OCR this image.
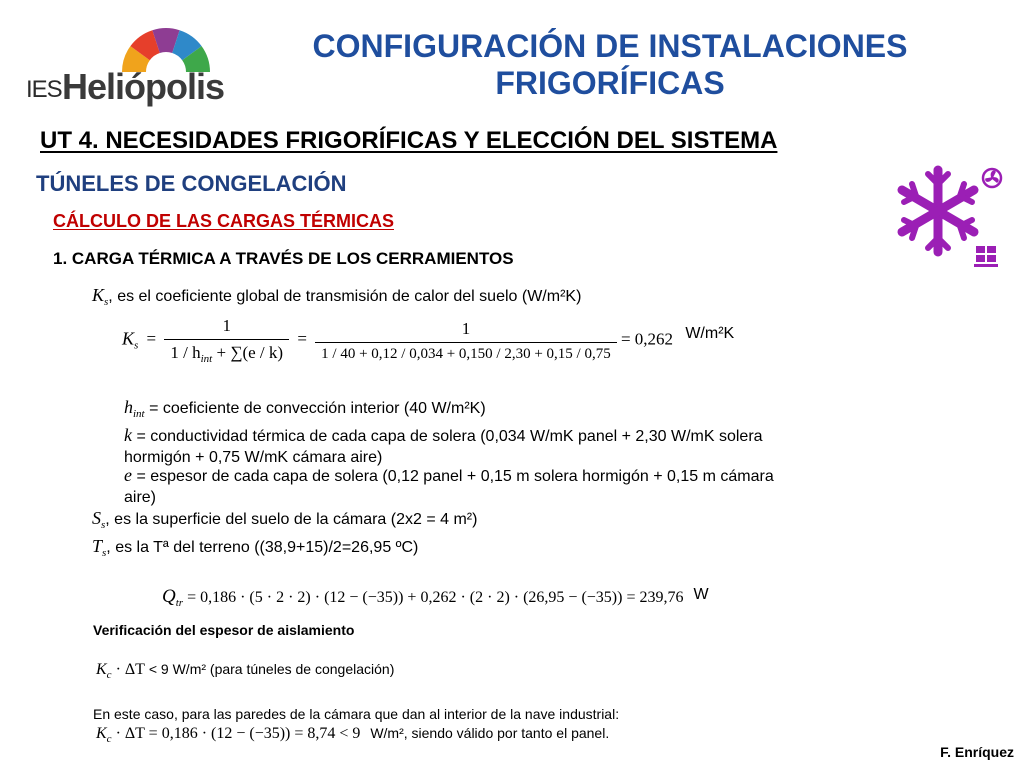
IES Heliópolis
CONFIGURACIÓN DE INSTALACIONES
FRIGORÍFICAS
UT 4. NECESIDADES FRIGORÍFICAS Y ELECCIÓN DEL SISTEMA
TÚNELES DE CONGELACIÓN
CÁLCULO DE LAS CARGAS TÉRMICAS
1. CARGA TÉRMICA A TRAVÉS DE LOS CERRAMIENTOS
$K_s$, es el coeficiente global de transmisión de calor del suelo (W/m²K)
$K_s = \frac{1}{1 / h_{int} + \sum(e / k)} = \frac{1}{1 / 40 + 0,12 / 0,034 + 0,150 / 2,30 + 0,15 / 0,75} = 0,262$ W/m²K
$h_{int}$ = coeficiente de convección interior (40 W/m²K)
k = conductividad térmica de cada capa de solera (0,034 W/mK panel + 2,30 W/mK solera
hormigón + 0,75 W/mK cámara aire)
e = espesor de cada capa de solera (0,12 panel + 0,15 m solera hormigón + 0,15 m cámara
aire)
$S_s$, es la superficie del suelo de la cámara (2x2 = 4 m²)
$T_s$, es la Tª del terreno ((38,9+15)/2=26,95 ºC)
$Q_{tr} = 0,186 \cdot (5 \cdot 2 \cdot 2) \cdot (12 - (-35)) + 0,262 \cdot (2 \cdot 2) \cdot (26,95 - (-35)) = 239,76$ W
Verificación del espesor de aislamiento
$K_c \cdot \Delta T < 9$ W/m² (para túneles de congelación)
En este caso, para las paredes de la cámara que dan al interior de la nave industrial:
$K_c \cdot \Delta T = 0,186 \cdot (12 - (-35)) = 8,74 < 9$ W/m², siendo válido por tanto el panel.
F. Enríquez
